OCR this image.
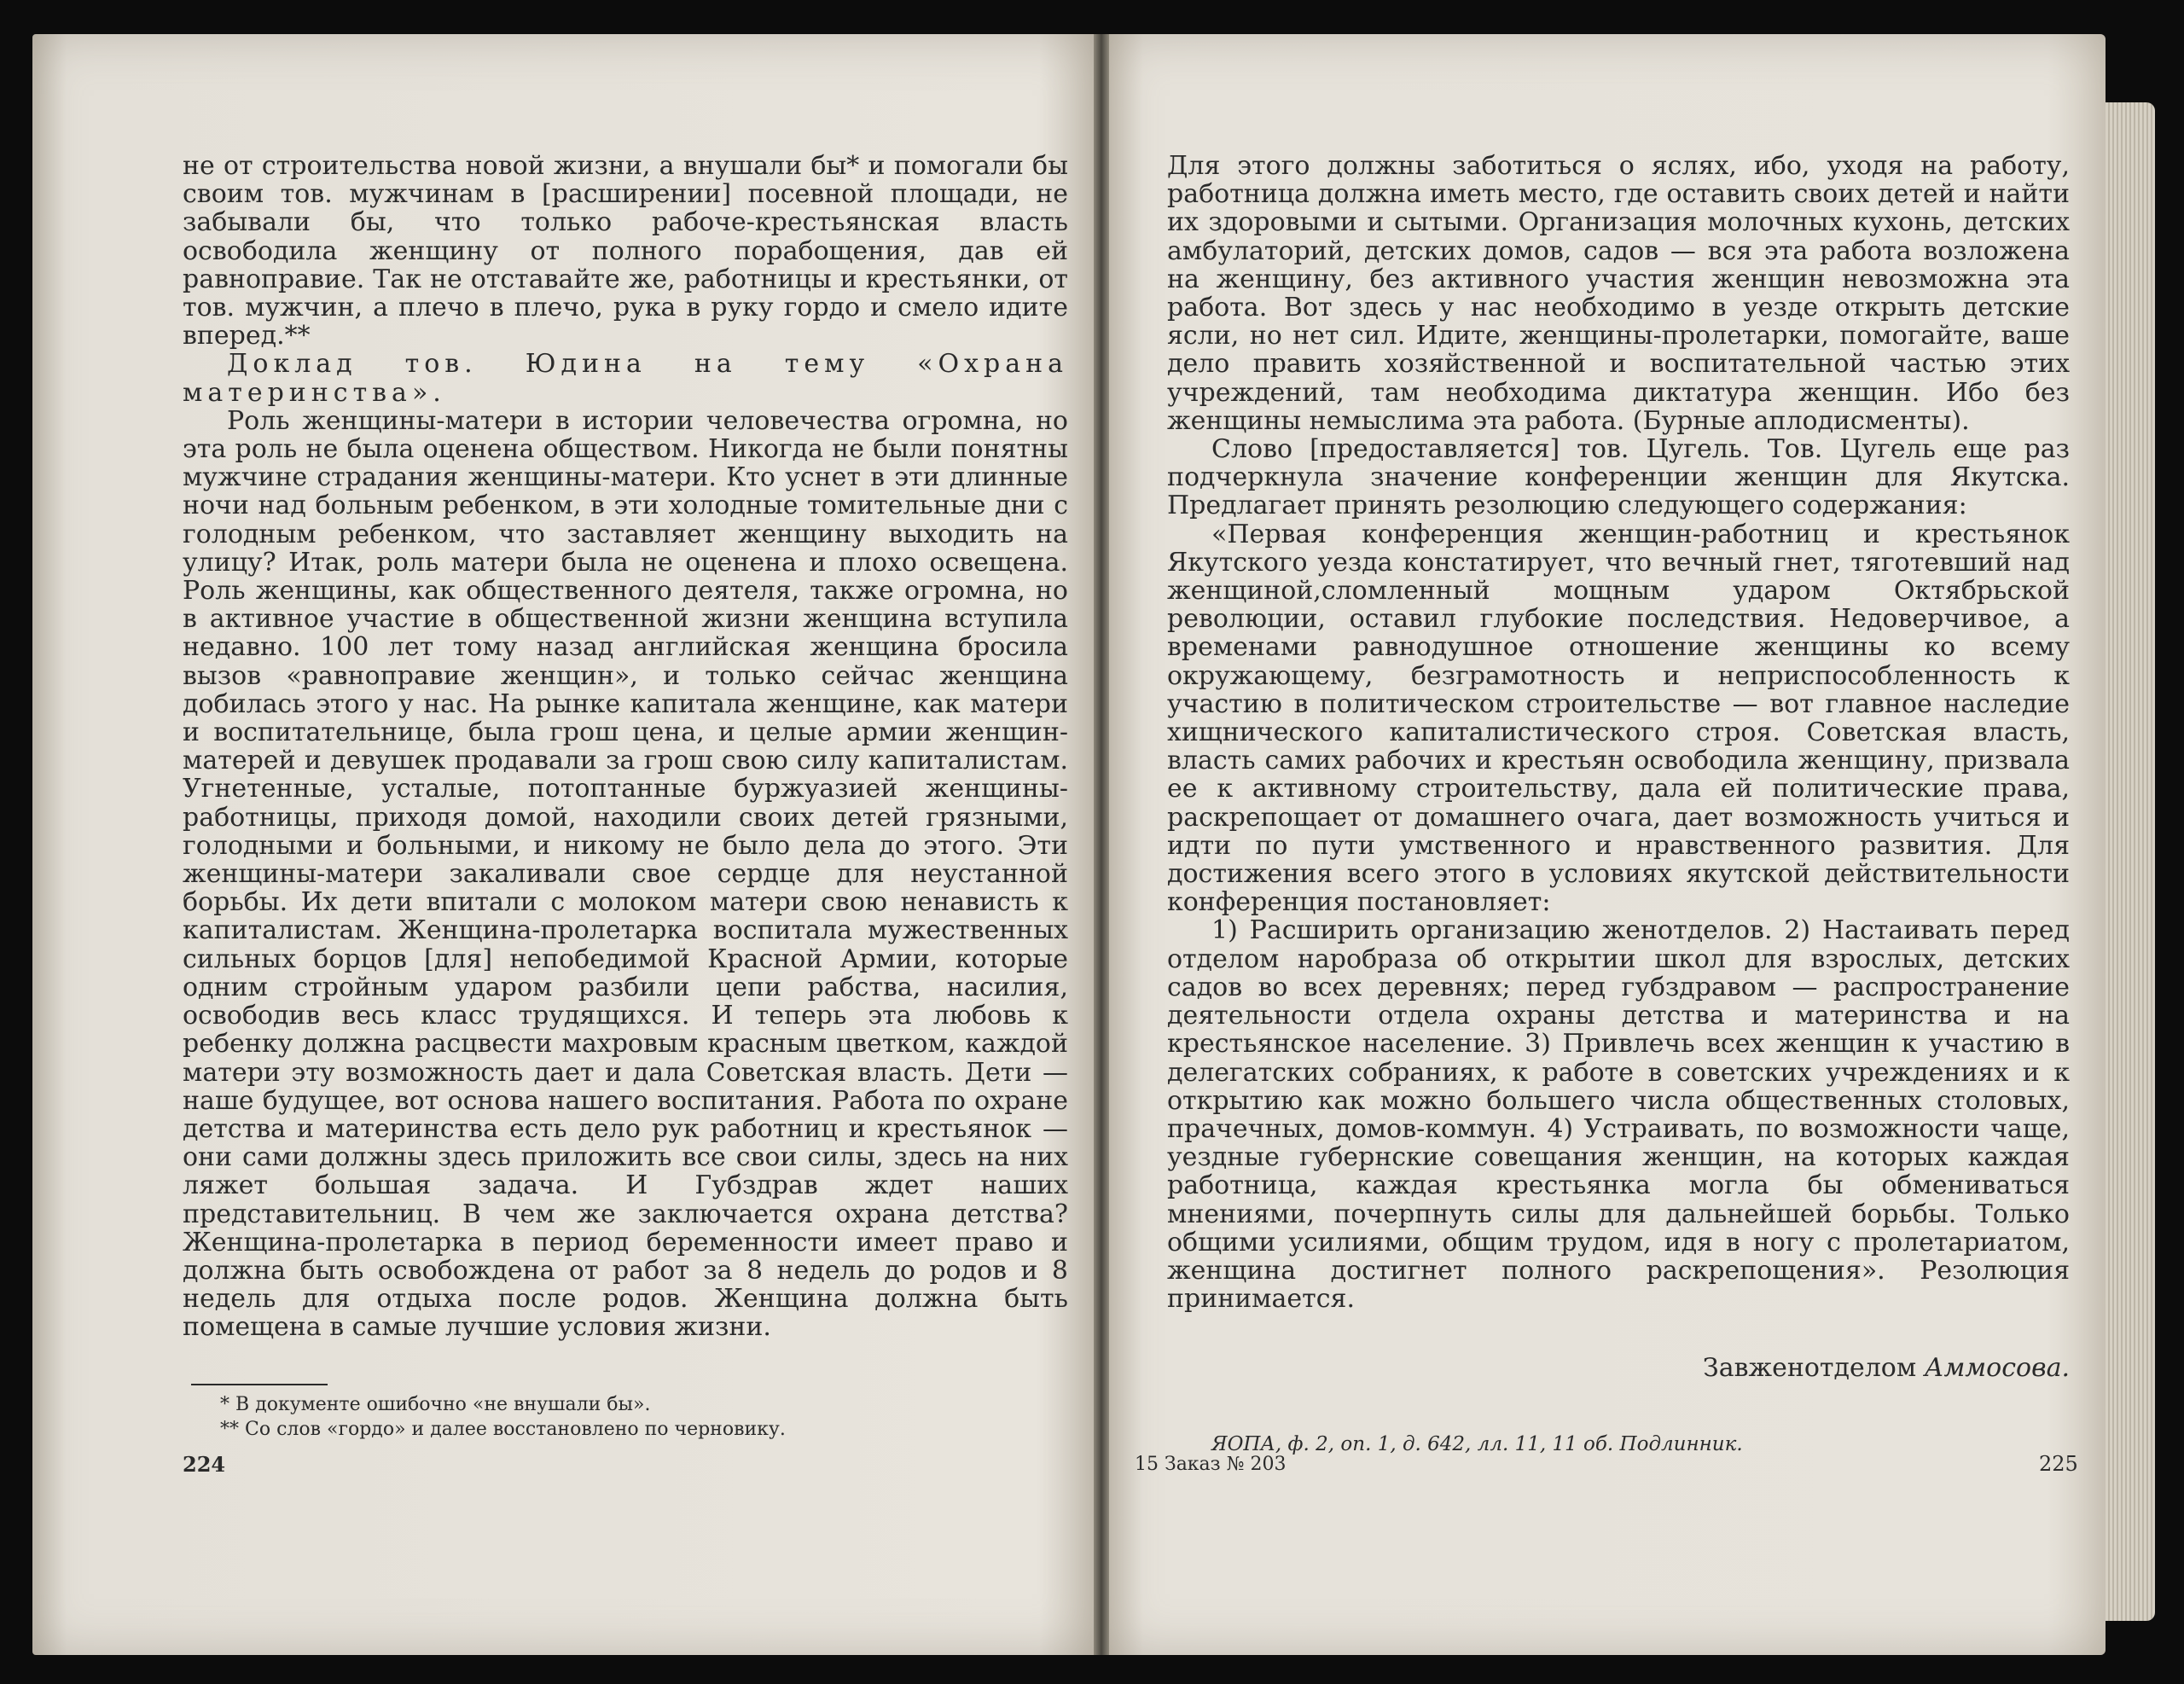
не от строительства новой жизни, а внушали бы* и помогали бы своим тов. мужчинам в [расширении] посевной площади, не забывали бы, что только рабоче-крестьянская власть освободила женщину от полного порабощения, дав ей равноправие. Так не отставайте же, работницы и крестьянки, от тов. мужчин, а плечо в плечо, рука в руку гордо и смело идите вперед.**

Доклад тов. Юдина на тему «Охрана материнства».

Роль женщины-матери в истории человечества огромна, но эта роль не была оценена обществом. Никогда не были понятны мужчине страдания женщины-матери. Кто уснет в эти длинные ночи над больным ребенком, в эти холодные томительные дни с голодным ребенком, что заставляет женщину выходить на улицу? Итак, роль матери была не оценена и плохо освещена. Роль женщины, как общественного деятеля, также огромна, но в активное участие в общественной жизни женщина вступила недавно. 100 лет тому назад английская женщина бросила вызов «равноправие женщин», и только сейчас женщина добилась этого у нас. На рынке капитала женщине, как матери и воспитательнице, была грош цена, и целые армии женщин-матерей и девушек продавали за грош свою силу капиталистам. Угнетенные, усталые, потоптанные буржуазией женщины-работницы, приходя домой, находили своих детей грязными, голодными и больными, и никому не было дела до этого. Эти женщины-матери закаливали свое сердце для неустанной борьбы. Их дети впитали с молоком матери свою ненависть к капиталистам. Женщина-пролетарка воспитала мужественных сильных борцов [для] непобедимой Красной Армии, которые одним стройным ударом разбили цепи рабства, насилия, освободив весь класс трудящихся. И теперь эта любовь к ребенку должна расцвести махровым красным цветком, каждой матери эту возможность дает и дала Советская власть. Дети — наше будущее, вот основа нашего воспитания. Работа по охране детства и материнства есть дело рук работниц и крестьянок — они сами должны здесь приложить все свои силы, здесь на них ляжет большая задача. И Губздрав ждет наших представительниц. В чем же заключается охрана детства? Женщина-пролетарка в период беременности имеет право и должна быть освобождена от работ за 8 недель до родов и 8 недель для отдыха после родов. Женщина должна быть помещена в самые лучшие условия жизни.

* В документе ошибочно «не внушали бы».
** Со слов «гордо» и далее восстановлено по черновику.
224

Для этого должны заботиться о яслях, ибо, уходя на работу, работница должна иметь место, где оставить своих детей и найти их здоровыми и сытыми. Организация молочных кухонь, детских амбулаторий, детских домов, садов — вся эта работа возложена на женщину, без активного участия женщин невозможна эта работа. Вот здесь у нас необходимо в уезде открыть детские ясли, но нет сил. Идите, женщины-пролетарки, помогайте, ваше дело править хозяйственной и воспитательной частью этих учреждений, там необходима диктатура женщин. Ибо без женщины немыслима эта работа. (Бурные аплодисменты).

Слово [предоставляется] тов. Цугель. Тов. Цугель еще раз подчеркнула значение конференции женщин для Якутска. Предлагает принять резолюцию следующего содержания:

«Первая конференция женщин-работниц и крестьянок Якутского уезда констатирует, что вечный гнет, тяготевший над женщиной,сломленный мощным ударом Октябрьской революции, оставил глубокие последствия. Недоверчивое, а временами равнодушное отношение женщины ко всему окружающему, безграмотность и неприспособленность к участию в политическом строительстве — вот главное наследие хищнического капиталистического строя. Советская власть, власть самих рабочих и крестьян освободила женщину, призвала ее к активному строительству, дала ей политические права, раскрепощает от домашнего очага, дает возможность учиться и идти по пути умственного и нравственного развития. Для достижения всего этого в условиях якутской действительности конференция постановляет:

1) Расширить организацию женотделов. 2) Настаивать перед отделом наробраза об открытии школ для взрослых, детских садов во всех деревнях; перед губздравом — распространение деятельности отдела охраны детства и материнства и на крестьянское население. 3) Привлечь всех женщин к участию в делегатских собраниях, к работе в советских учреждениях и к открытию как можно большего числа общественных столовых, прачечных, домов-коммун. 4) Устраивать, по возможности чаще, уездные губернские совещания женщин, на которых каждая работница, каждая крестьянка могла бы обмениваться мнениями, почерпнуть силы для дальнейшей борьбы. Только общими усилиями, общим трудом, идя в ногу с пролетариатом, женщина достигнет полного раскрепощения». Резолюция принимается.

Завженотделом Аммосова.
ЯОПА, ф. 2, оп. 1, д. 642, лл. 11, 11 об. Подлинник.
15 Заказ № 203	225
